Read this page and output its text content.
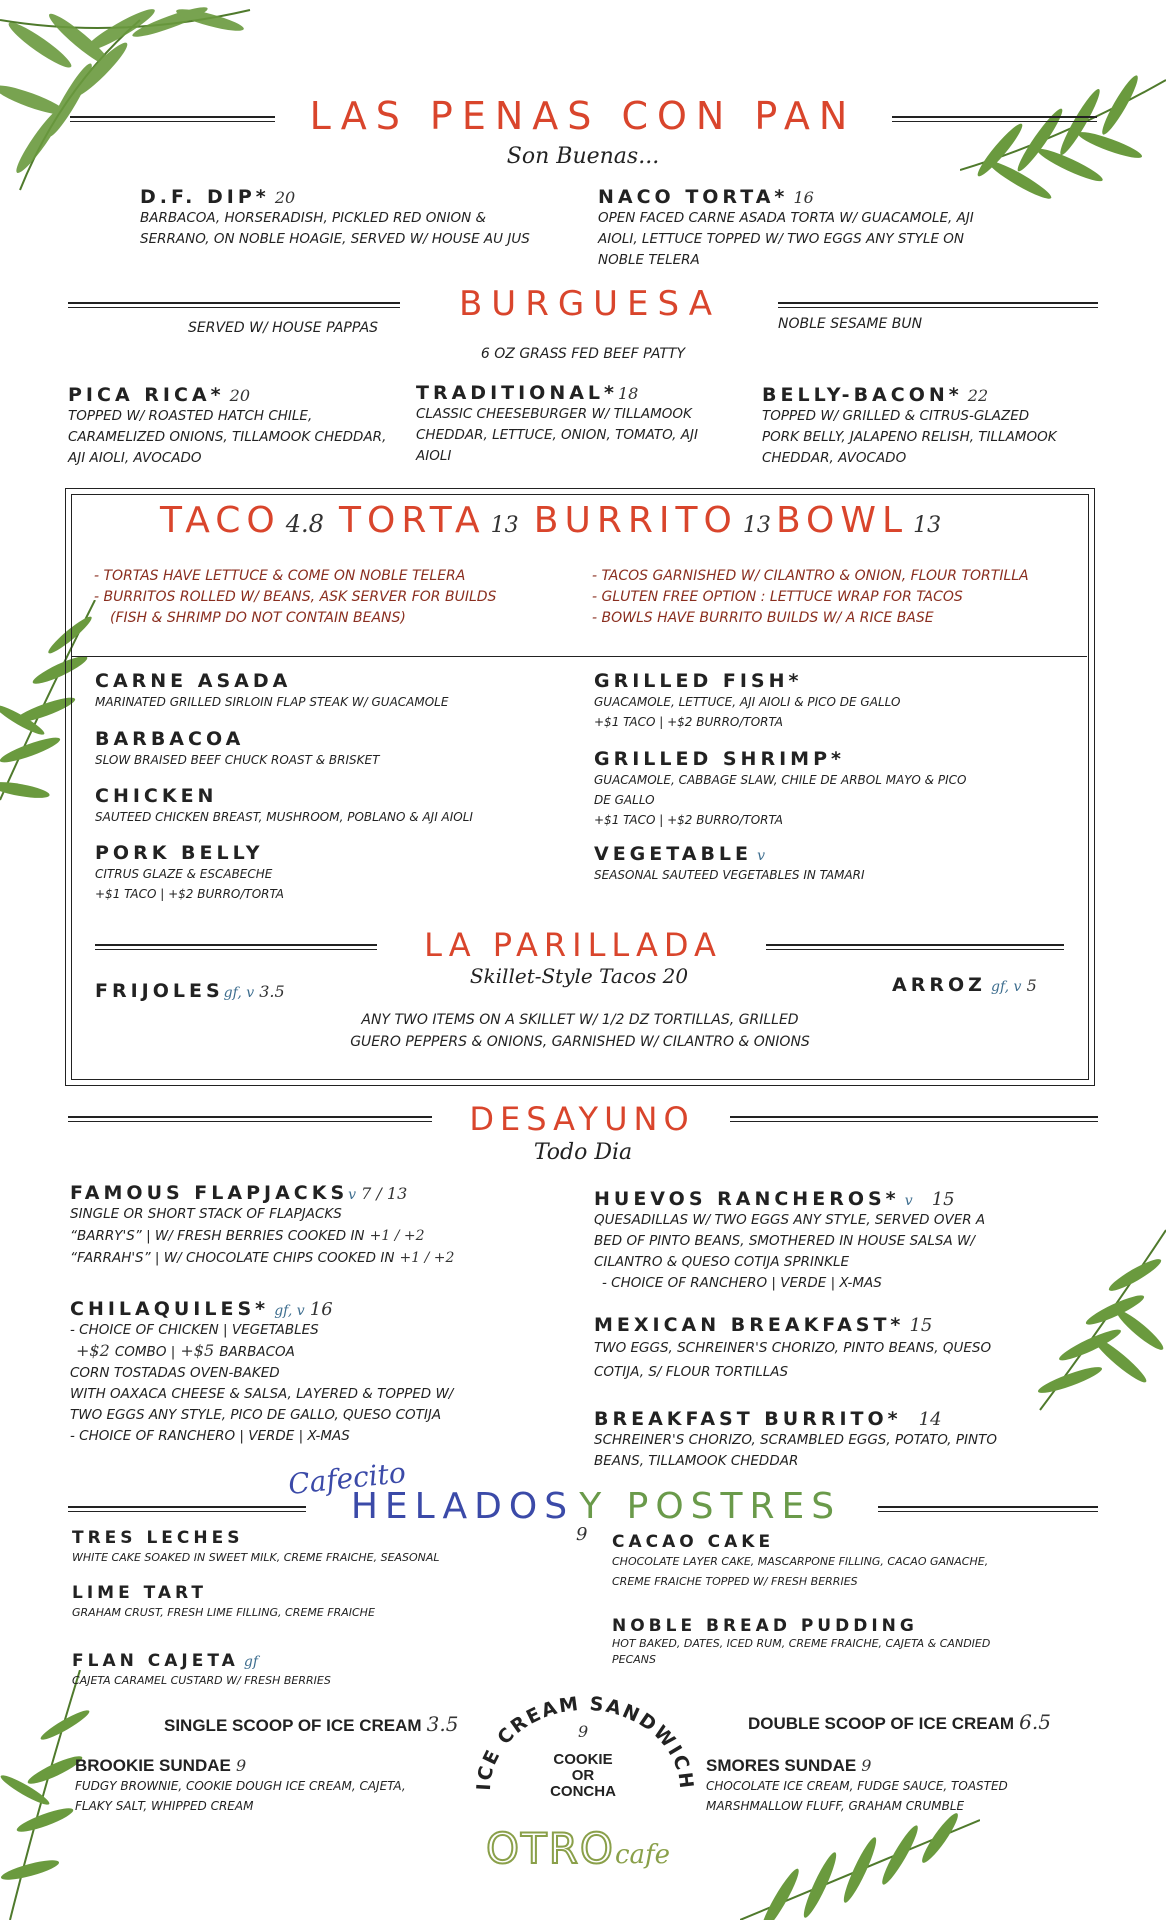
LAS PENAS CON PAN
Son Buenas...
D.F. DIP* 20
BARBACOA, HORSERADISH, PICKLED RED ONION &
SERRANO, ON NOBLE HOAGIE, SERVED W/ HOUSE AU JUS
NACO TORTA* 16
OPEN FACED CARNE ASADA TORTA W/ GUACAMOLE, AJI
AIOLI, LETTUCE TOPPED W/ TWO EGGS ANY STYLE ON
NOBLE TELERA
BURGUESA
SERVED W/ HOUSE PAPPAS	NOBLE SESAME BUN
6 OZ GRASS FED BEEF PATTY
PICA RICA* 20
TOPPED W/ ROASTED HATCH CHILE,
CARAMELIZED ONIONS, TILLAMOOK CHEDDAR,
AJI AIOLI, AVOCADO
TRADITIONAL*18
CLASSIC CHEESEBURGER W/ TILLAMOOK
CHEDDAR, LETTUCE, ONION, TOMATO, AJI
AIOLI
BELLY-BACON* 22
TOPPED W/ GRILLED & CITRUS-GLAZED
PORK BELLY, JALAPENO RELISH, TILLAMOOK
CHEDDAR, AVOCADO
TACO 4.8 TORTA 13 BURRITO 13 BOWL 13
- TORTAS HAVE LETTUCE & COME ON NOBLE TELERA
- BURRITOS ROLLED W/ BEANS, ASK SERVER FOR BUILDS
(FISH & SHRIMP DO NOT CONTAIN BEANS)
- TACOS GARNISHED W/ CILANTRO & ONION, FLOUR TORTILLA
- GLUTEN FREE OPTION : LETTUCE WRAP FOR TACOS
- BOWLS HAVE BURRITO BUILDS W/ A RICE BASE
CARNE ASADA
MARINATED GRILLED SIRLOIN FLAP STEAK W/ GUACAMOLE
BARBACOA
SLOW BRAISED BEEF CHUCK ROAST & BRISKET
CHICKEN
SAUTEED CHICKEN BREAST, MUSHROOM, POBLANO & AJI AIOLI
PORK BELLY
CITRUS GLAZE & ESCABECHE
+$1 TACO | +$2 BURRO/TORTA
GRILLED FISH*
GUACAMOLE, LETTUCE, AJI AIOLI & PICO DE GALLO
+$1 TACO | +$2 BURRO/TORTA
GRILLED SHRIMP*
GUACAMOLE, CABBAGE SLAW, CHILE DE ARBOL MAYO & PICO
DE GALLO
+$1 TACO | +$2 BURRO/TORTA
VEGETABLE v
SEASONAL SAUTEED VEGETABLES IN TAMARI
LA PARILLADA
Skillet-Style Tacos 20
FRIJOLESgf, v 3.5	ARROZ gf, v 5
ANY TWO ITEMS ON A SKILLET W/ 1/2 DZ TORTILLAS, GRILLED
GUERO PEPPERS & ONIONS, GARNISHED W/ CILANTRO & ONIONS
DESAYUNO
Todo Dia
FAMOUS FLAPJACKSv 7 / 13
SINGLE OR SHORT STACK OF FLAPJACKS
“BARRY'S” | W/ FRESH BERRIES COOKED IN +1 / +2
“FARRAH'S” | W/ CHOCOLATE CHIPS COOKED IN +1 / +2
CHILAQUILES* gf, v 16
- CHOICE OF CHICKEN | VEGETABLES
+$2 COMBO | +$5 BARBACOA
CORN TOSTADAS OVEN-BAKED
WITH OAXACA CHEESE & SALSA, LAYERED & TOPPED W/
TWO EGGS ANY STYLE, PICO DE GALLO, QUESO COTIJA
- CHOICE OF RANCHERO | VERDE | X-MAS
HUEVOS RANCHEROS* v 15
QUESADILLAS W/ TWO EGGS ANY STYLE, SERVED OVER A
BED OF PINTO BEANS, SMOTHERED IN HOUSE SALSA W/
CILANTRO & QUESO COTIJA SPRINKLE
- CHOICE OF RANCHERO | VERDE | X-MAS
MEXICAN BREAKFAST* 15
TWO EGGS, SCHREINER'S CHORIZO, PINTO BEANS, QUESO
COTIJA, S/ FLOUR TORTILLAS
BREAKFAST BURRITO* 14
SCHREINER'S CHORIZO, SCRAMBLED EGGS, POTATO, PINTO
BEANS, TILLAMOOK CHEDDAR
Cafecito
HELADOS Y POSTRES
9
TRES LECHES
WHITE CAKE SOAKED IN SWEET MILK, CREME FRAICHE, SEASONAL
LIME TART
GRAHAM CRUST, FRESH LIME FILLING, CREME FRAICHE
FLAN CAJETA gf
CAJETA CARAMEL CUSTARD W/ FRESH BERRIES
CACAO CAKE
CHOCOLATE LAYER CAKE, MASCARPONE FILLING, CACAO GANACHE,
CREME FRAICHE TOPPED W/ FRESH BERRIES
NOBLE BREAD PUDDING
HOT BAKED, DATES, ICED RUM, CREME FRAICHE, CAJETA & CANDIED
PECANS
SINGLE SCOOP OF ICE CREAM 3.5	DOUBLE SCOOP OF ICE CREAM 6.5
ICE CREAM SANDWICH
9
COOKIE
OR
CONCHA
BROOKIE SUNDAE 9
FUDGY BROWNIE, COOKIE DOUGH ICE CREAM, CAJETA,
FLAKY SALT, WHIPPED CREAM
SMORES SUNDAE 9
CHOCOLATE ICE CREAM, FUDGE SAUCE, TOASTED
MARSHMALLOW FLUFF, GRAHAM CRUMBLE
OTROcafe
